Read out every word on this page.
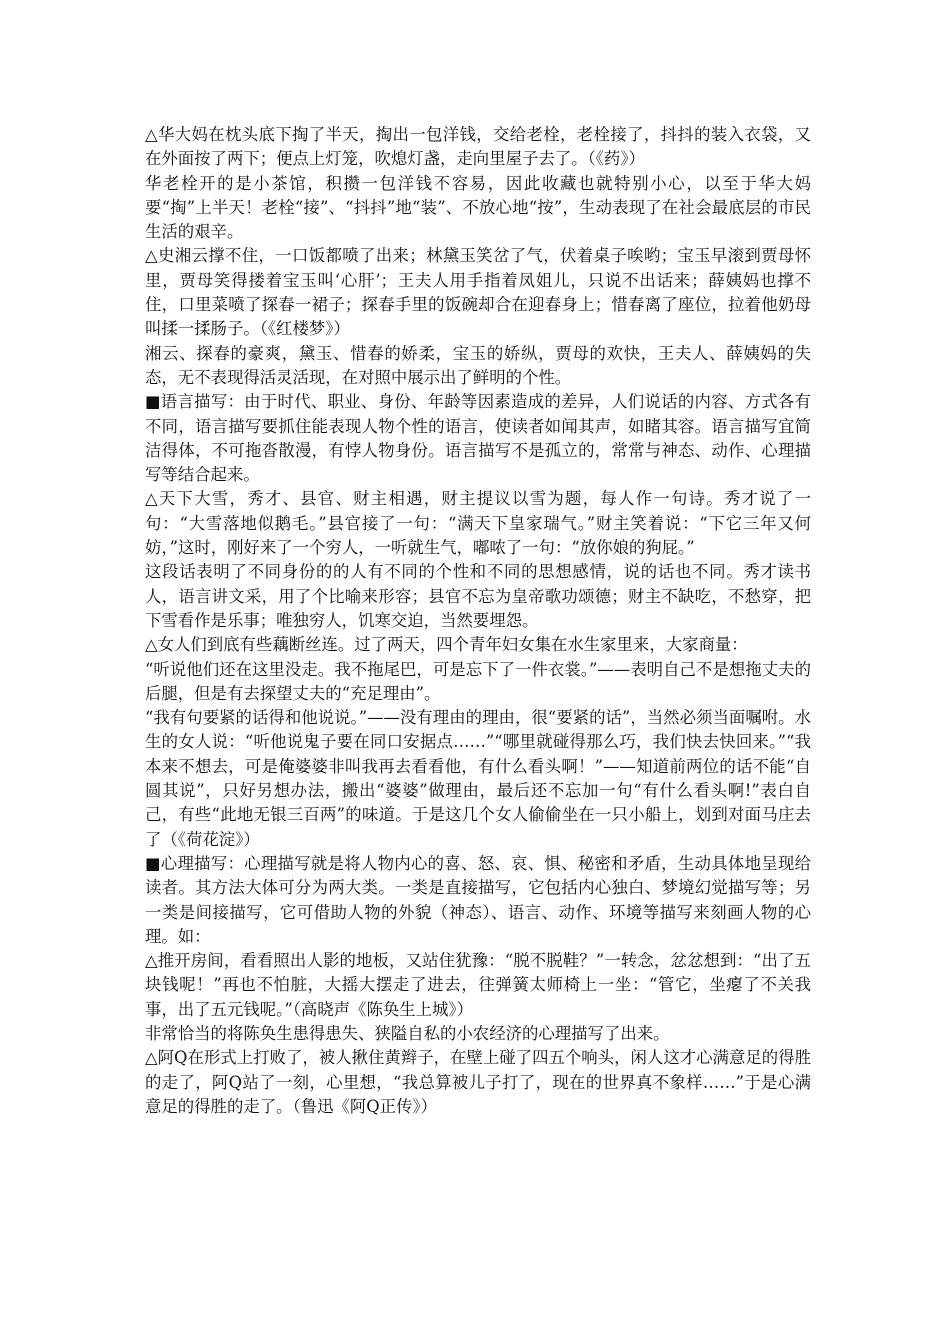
△华大妈在枕头底下掏了半天，掏出一包洋钱，交给老栓，老栓接了，抖抖的装入衣袋，又在外面按了两下；便点上灯笼，吹熄灯盏，走向里屋子去了。（《药》）

华老栓开的是小茶馆，积攒一包洋钱不容易，因此收藏也就特别小心，以至于华大妈要“掏”上半天！老栓“接”、“抖抖”地“装”、不放心地“按”，生动表现了在社会最底层的市民生活的艰辛。

△史湘云撑不住，一口饭都喷了出来；林黛玉笑岔了气，伏着桌子唉哟；宝玉早滚到贾母怀里，贾母笑得搂着宝玉叫‘心肝’；王夫人用手指着凤姐儿，只说不出话来；薛姨妈也撑不住，口里菜喷了探春一裙子；探春手里的饭碗却合在迎春身上；惜春离了座位，拉着他奶母叫揉一揉肠子。（《红楼梦》）

湘云、探春的豪爽，黛玉、惜春的娇柔，宝玉的娇纵，贾母的欢快，王夫人、薛姨妈的失态，无不表现得活灵活现，在对照中展示出了鲜明的个性。

■语言描写：由于时代、职业、身份、年龄等因素造成的差异，人们说话的内容、方式各有不同，语言描写要抓住能表现人物个性的语言，使读者如闻其声，如睹其容。语言描写宜简洁得体，不可拖沓散漫，有悖人物身份。语言描写不是孤立的，常常与神态、动作、心理描写等结合起来。

△天下大雪，秀才、县官、财主相遇，财主提议以雪为题，每人作一句诗。秀才说了一句：“大雪落地似鹅毛。”县官接了一句：“满天下皇家瑞气。”财主笑着说：“下它三年又何妨，”这时，刚好来了一个穷人，一听就生气，嘟哝了一句：“放你娘的狗屁。”

这段话表明了不同身份的的人有不同的个性和不同的思想感情，说的话也不同。秀才读书人，语言讲文采，用了个比喻来形容；县官不忘为皇帝歌功颂德；财主不缺吃，不愁穿，把下雪看作是乐事；唯独穷人，饥寒交迫，当然要埋怨。

△女人们到底有些藕断丝连。过了两天，四个青年妇女集在水生家里来，大家商量：

“听说他们还在这里没走。我不拖尾巴，可是忘下了一件衣裳。”——表明自己不是想拖丈夫的后腿，但是有去探望丈夫的“充足理由”。

“我有句要紧的话得和他说说。”——没有理由的理由，很“要紧的话”，当然必须当面嘱咐。水生的女人说：“听他说鬼子要在同口安据点……”“哪里就碰得那么巧，我们快去快回来。”“我本来不想去，可是俺婆婆非叫我再去看看他，有什么看头啊！”——知道前两位的话不能“自圆其说”，只好另想办法，搬出“婆婆”做理由，最后还不忘加一句“有什么看头啊!”表白自己，有些“此地无银三百两”的味道。于是这几个女人偷偷坐在一只小船上，划到对面马庄去了（《荷花淀》）

■心理描写：心理描写就是将人物内心的喜、怒、哀、惧、秘密和矛盾，生动具体地呈现给读者。其方法大体可分为两大类。一类是直接描写，它包括内心独白、梦境幻觉描写等；另一类是间接描写，它可借助人物的外貌（神态）、语言、动作、环境等描写来刻画人物的心理。如：

△推开房间，看看照出人影的地板，又站住犹豫：“脱不脱鞋？”一转念，忿忿想到：“出了五块钱呢！”再也不怕脏，大摇大摆走了进去，往弹簧太师椅上一坐：“管它，坐瘪了不关我事，出了五元钱呢。”（高晓声《陈奂生上城》）

非常恰当的将陈奂生患得患失、狭隘自私的小农经济的心理描写了出来。

△阿Q在形式上打败了，被人揪住黄辫子，在壁上碰了四五个响头，闲人这才心满意足的得胜的走了，阿Q站了一刻，心里想，“我总算被儿子打了，现在的世界真不象样……”于是心满意足的得胜的走了。（鲁迅《阿Q正传》）
